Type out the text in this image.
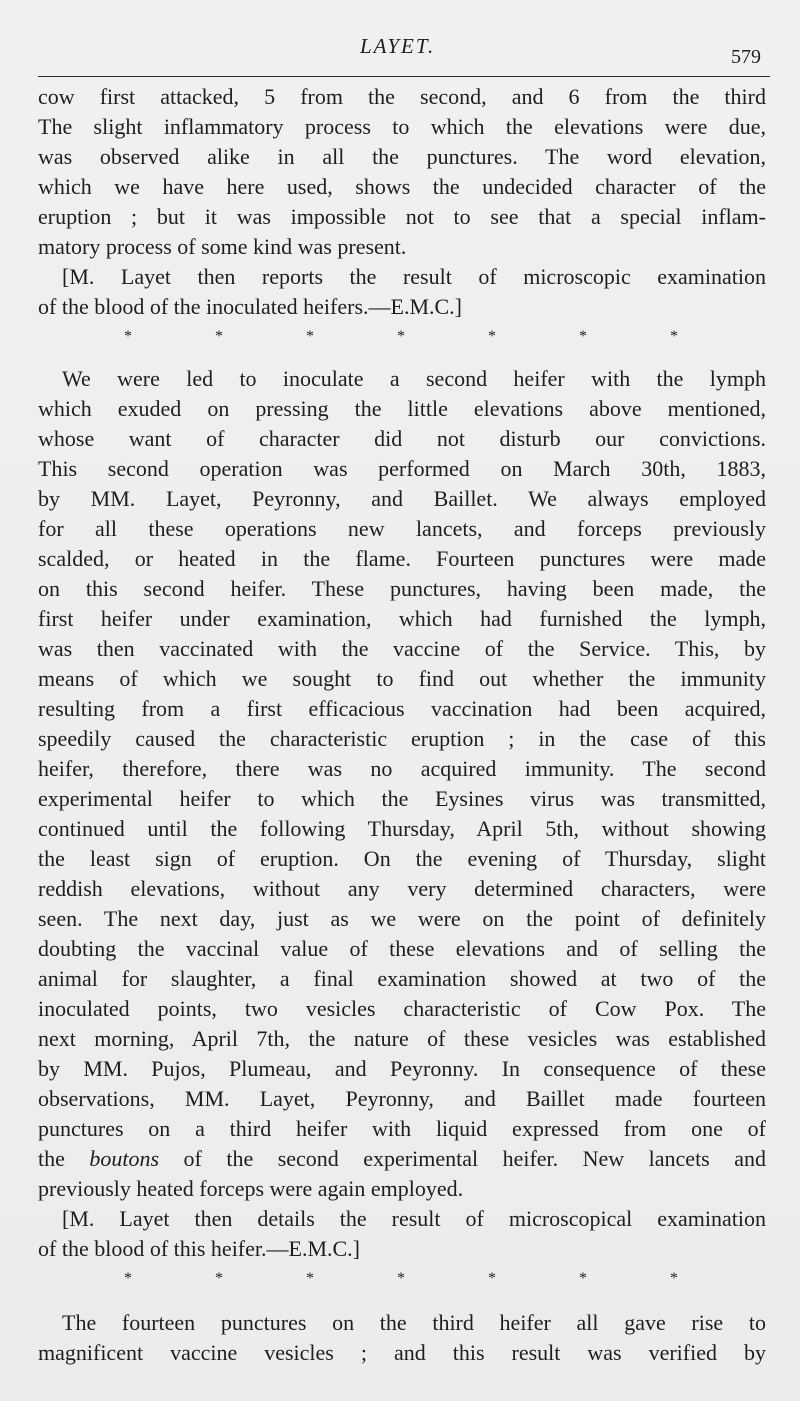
LAYET.	579
cow first attacked, 5 from the second, and 6 from the third
The slight inflammatory process to which the elevations were due,
was observed alike in all the punctures. The word elevation,
which we have here used, shows the undecided character of the
eruption ; but it was impossible not to see that a special inflam-
matory process of some kind was present.
[M. Layet then reports the result of microscopic examination
of the blood of the inoculated heifers.—E.M.C.]
*	*	*	*	*	*	*
We were led to inoculate a second heifer with the lymph
which exuded on pressing the little elevations above mentioned,
whose want of character did not disturb our convictions.
This second operation was performed on March 30th, 1883,
by MM. Layet, Peyronny, and Baillet. We always employed
for all these operations new lancets, and forceps previously
scalded, or heated in the flame. Fourteen punctures were made
on this second heifer. These punctures, having been made, the
first heifer under examination, which had furnished the lymph,
was then vaccinated with the vaccine of the Service. This, by
means of which we sought to find out whether the immunity
resulting from a first efficacious vaccination had been acquired,
speedily caused the characteristic eruption ; in the case of this
heifer, therefore, there was no acquired immunity. The second
experimental heifer to which the Eysines virus was transmitted,
continued until the following Thursday, April 5th, without showing
the least sign of eruption. On the evening of Thursday, slight
reddish elevations, without any very determined characters, were
seen. The next day, just as we were on the point of definitely
doubting the vaccinal value of these elevations and of selling the
animal for slaughter, a final examination showed at two of the
inoculated points, two vesicles characteristic of Cow Pox. The
next morning, April 7th, the nature of these vesicles was established
by MM. Pujos, Plumeau, and Peyronny. In consequence of these
observations, MM. Layet, Peyronny, and Baillet made fourteen
punctures on a third heifer with liquid expressed from one of
the boutons of the second experimental heifer. New lancets and
previously heated forceps were again employed.
[M. Layet then details the result of microscopical examination
of the blood of this heifer.—E.M.C.]
*	*	*	*	*	*	*
The fourteen punctures on the third heifer all gave rise to
magnificent vaccine vesicles ; and this result was verified by
